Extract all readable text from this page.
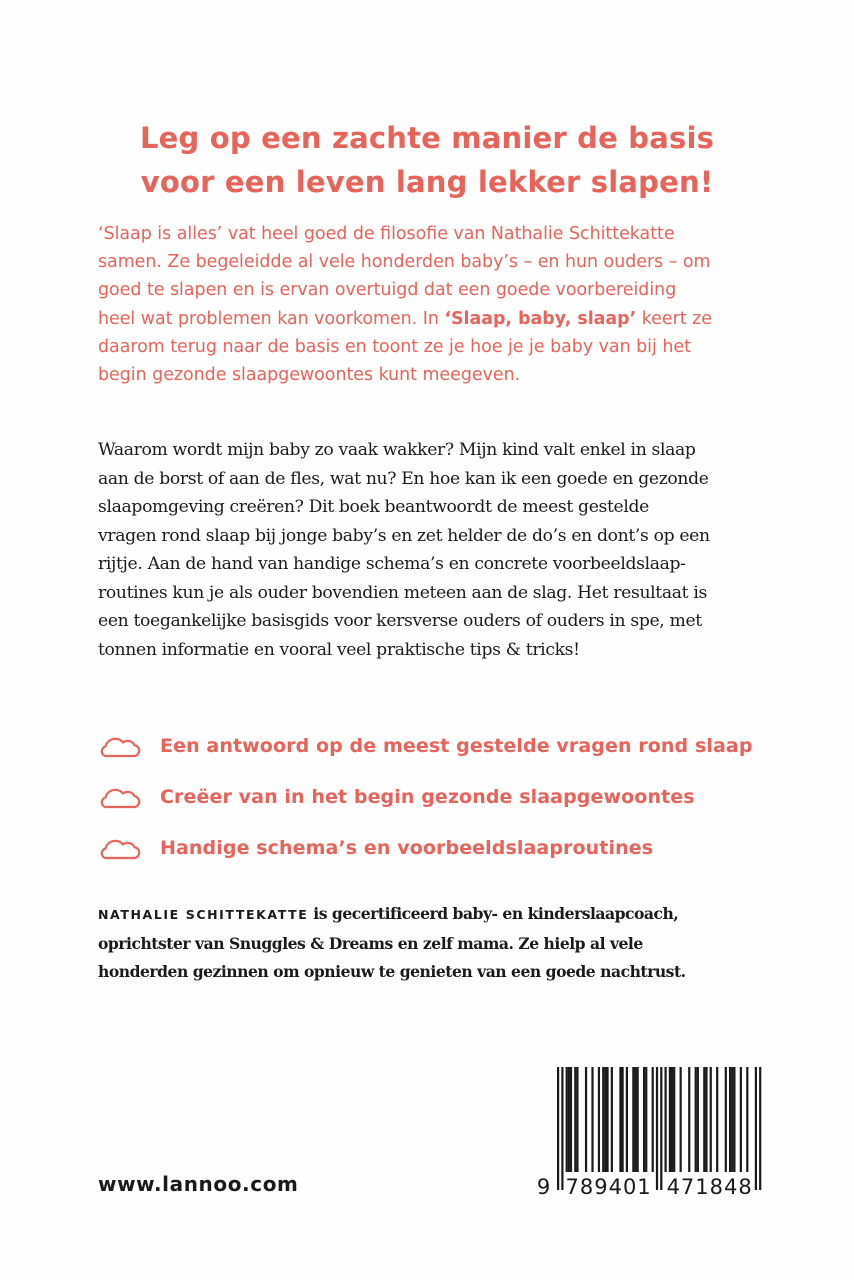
Leg op een zachte manier de basis
voor een leven lang lekker slapen!
‘Slaap is alles’ vat heel goed de filosofie van Nathalie Schittekatte
samen. Ze begeleidde al vele honderden baby’s – en hun ouders – om
goed te slapen en is ervan overtuigd dat een goede voorbereiding
heel wat problemen kan voorkomen. In ‘Slaap, baby, slaap’ keert ze
daarom terug naar de basis en toont ze je hoe je je baby van bij het
begin gezonde slaapgewoontes kunt meegeven.
Waarom wordt mijn baby zo vaak wakker? Mijn kind valt enkel in slaap
aan de borst of aan de fles, wat nu? En hoe kan ik een goede en gezonde
slaapomgeving creëren? Dit boek beantwoordt de meest gestelde
vragen rond slaap bij jonge baby’s en zet helder de do’s en dont’s op een
rijtje. Aan de hand van handige schema’s en concrete voorbeeldslaap-
routines kun je als ouder bovendien meteen aan de slag. Het resultaat is
een toegankelijke basisgids voor kersverse ouders of ouders in spe, met
tonnen informatie en vooral veel praktische tips & tricks!
Een antwoord op de meest gestelde vragen rond slaap
Creëer van in het begin gezonde slaapgewoontes
Handige schema’s en voorbeeldslaaproutines
NATHALIE SCHITTEKATTE is gecertificeerd baby- en kinderslaapcoach,
oprichtster van Snuggles & Dreams en zelf mama. Ze hielp al vele
honderden gezinnen om opnieuw te genieten van een goede nachtrust.
www.lannoo.com	9 789401 471848
